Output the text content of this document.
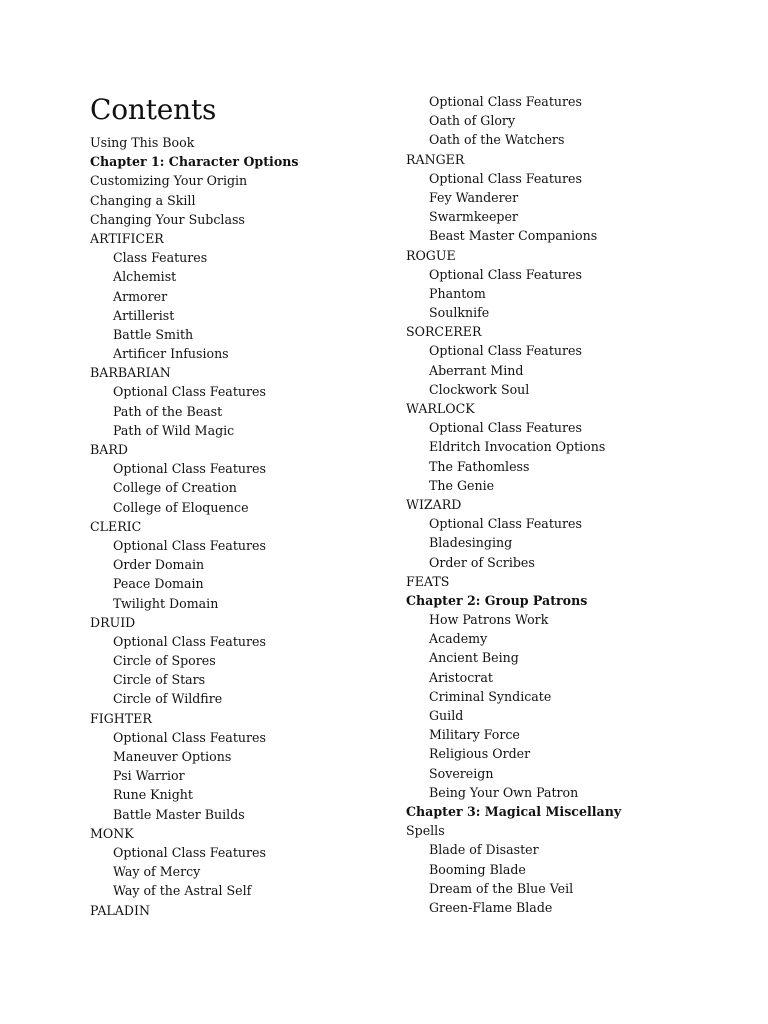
Contents
Using This Book
Chapter 1: Character Options
Customizing Your Origin
Changing a Skill
Changing Your Subclass
ARTIFICER
Class Features
Alchemist
Armorer
Artillerist
Battle Smith
Artificer Infusions
BARBARIAN
Optional Class Features
Path of the Beast
Path of Wild Magic
BARD
Optional Class Features
College of Creation
College of Eloquence
CLERIC
Optional Class Features
Order Domain
Peace Domain
Twilight Domain
DRUID
Optional Class Features
Circle of Spores
Circle of Stars
Circle of Wildfire
FIGHTER
Optional Class Features
Maneuver Options
Psi Warrior
Rune Knight
Battle Master Builds
MONK
Optional Class Features
Way of Mercy
Way of the Astral Self
PALADIN
Optional Class Features
Oath of Glory
Oath of the Watchers
RANGER
Optional Class Features
Fey Wanderer
Swarmkeeper
Beast Master Companions
ROGUE
Optional Class Features
Phantom
Soulknife
SORCERER
Optional Class Features
Aberrant Mind
Clockwork Soul
WARLOCK
Optional Class Features
Eldritch Invocation Options
The Fathomless
The Genie
WIZARD
Optional Class Features
Bladesinging
Order of Scribes
FEATS
Chapter 2: Group Patrons
How Patrons Work
Academy
Ancient Being
Aristocrat
Criminal Syndicate
Guild
Military Force
Religious Order
Sovereign
Being Your Own Patron
Chapter 3: Magical Miscellany
Spells
Blade of Disaster
Booming Blade
Dream of the Blue Veil
Green-Flame Blade
